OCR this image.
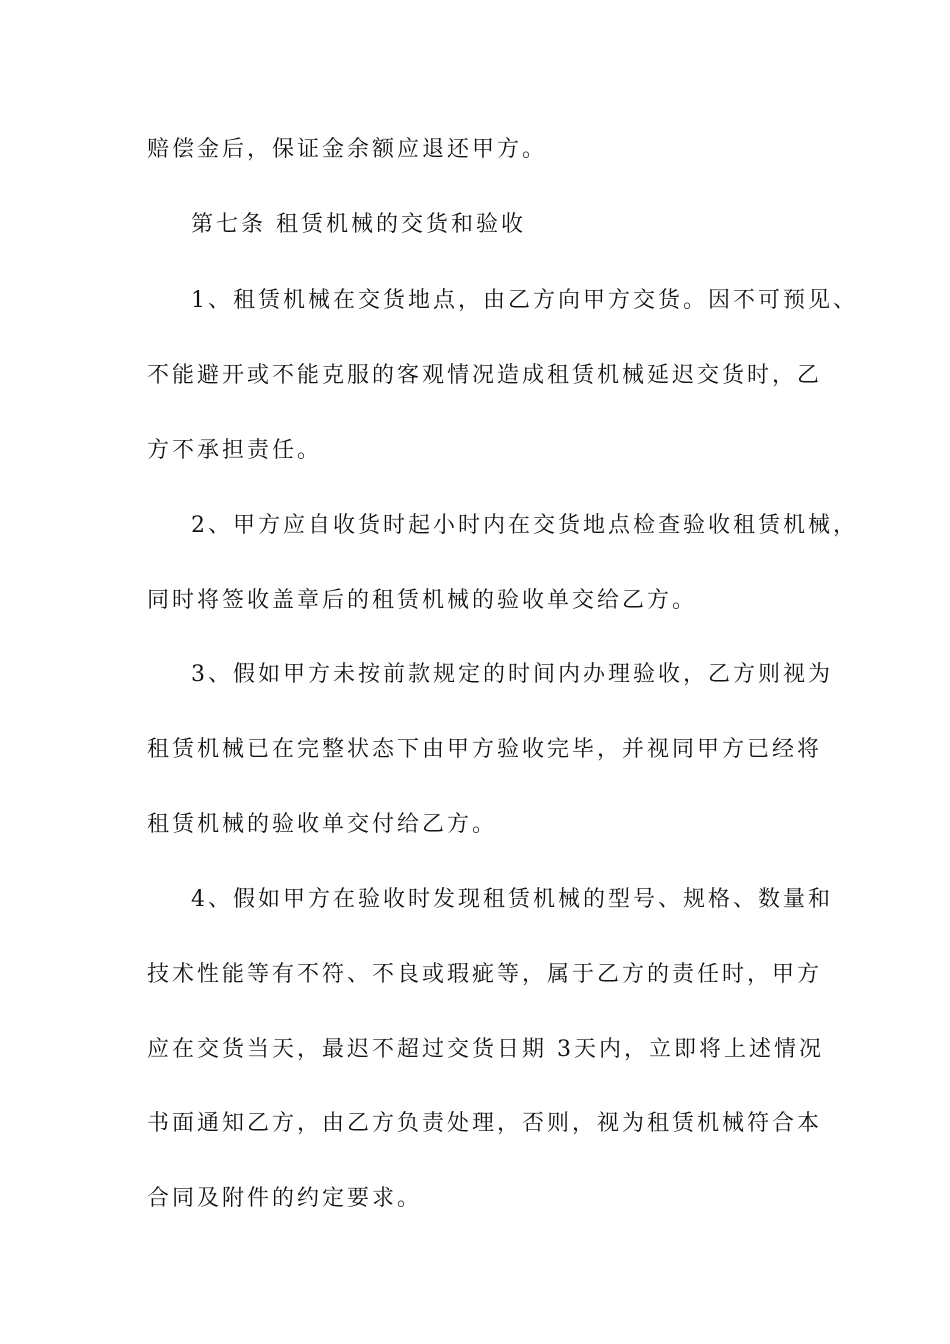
赔偿金后，保证金余额应退还甲方。
第七条 租赁机械的交货和验收
1、租赁机械在交货地点，由乙方向甲方交货。因不可预见、
不能避开或不能克服的客观情况造成租赁机械延迟交货时，乙
方不承担责任。
2、甲方应自收货时起小时内在交货地点检查验收租赁机械，
同时将签收盖章后的租赁机械的验收单交给乙方。
3、假如甲方未按前款规定的时间内办理验收，乙方则视为
租赁机械已在完整状态下由甲方验收完毕，并视同甲方已经将
租赁机械的验收单交付给乙方。
4、假如甲方在验收时发现租赁机械的型号、规格、数量和
技术性能等有不符、不良或瑕疵等，属于乙方的责任时，甲方
应在交货当天，最迟不超过交货日期 3天内，立即将上述情况
书面通知乙方，由乙方负责处理，否则，视为租赁机械符合本
合同及附件的约定要求。
